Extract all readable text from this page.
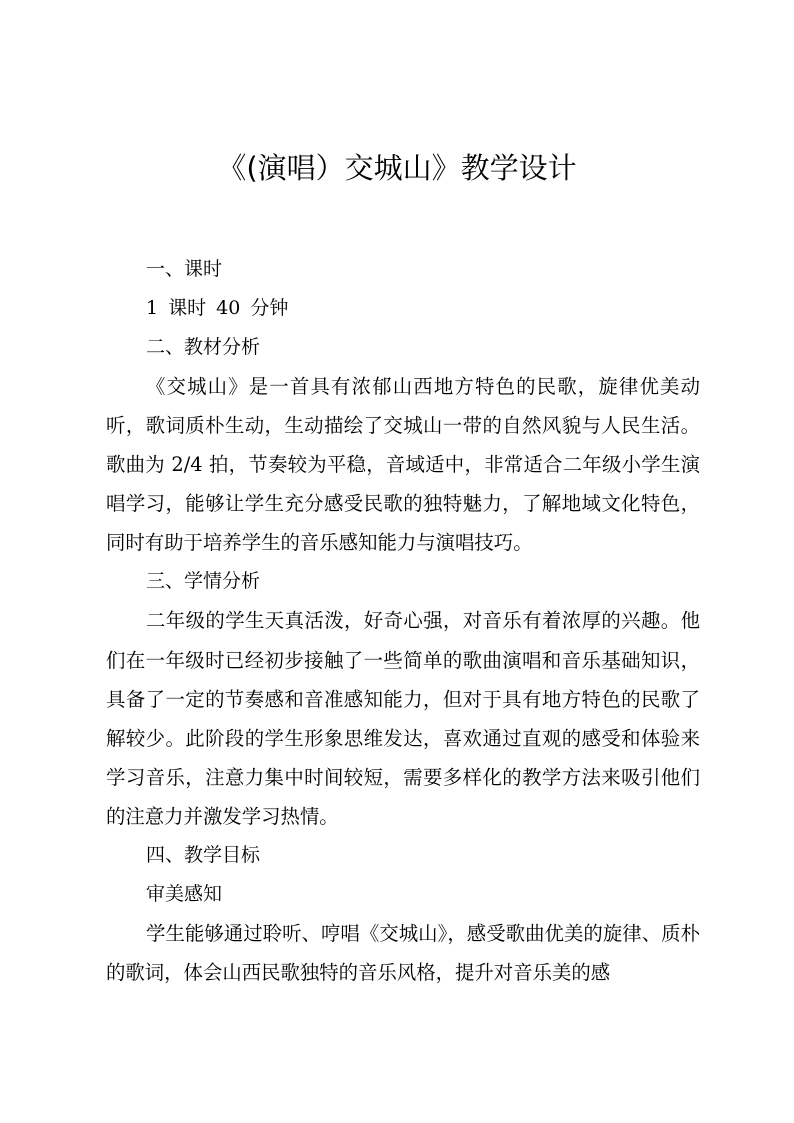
《(演唱）交城山》教学设计
一、课时
1 课时 40 分钟
二、教材分析

《交城山》是一首具有浓郁山西地方特色的民歌，旋律优美动听，歌词质朴生动，生动描绘了交城山一带的自然风貌与人民生活。歌曲为 2/4 拍，节奏较为平稳，音域适中，非常适合二年级小学生演唱学习，能够让学生充分感受民歌的独特魅力，了解地域文化特色，同时有助于培养学生的音乐感知能力与演唱技巧。

三、学情分析

二年级的学生天真活泼，好奇心强，对音乐有着浓厚的兴趣。他们在一年级时已经初步接触了一些简单的歌曲演唱和音乐基础知识，具备了一定的节奏感和音准感知能力，但对于具有地方特色的民歌了解较少。此阶段的学生形象思维发达，喜欢通过直观的感受和体验来学习音乐，注意力集中时间较短，需要多样化的教学方法来吸引他们的注意力并激发学习热情。

四、教学目标
审美感知

学生能够通过聆听、哼唱《交城山》，感受歌曲优美的旋律、质朴的歌词，体会山西民歌独特的音乐风格，提升对音乐美的感
